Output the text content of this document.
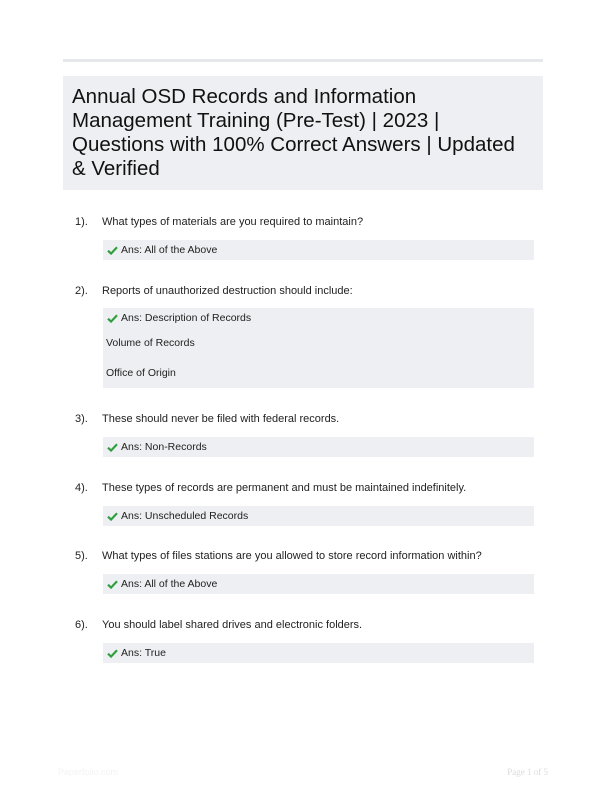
Annual OSD Records and Information Management Training (Pre-Test) | 2023 | Questions with 100% Correct Answers | Updated & Verified
1). What types of materials are you required to maintain?
Ans: All of the Above
2). Reports of unauthorized destruction should include:
Ans: Description of Records
Volume of Records
Office of Origin
3). These should never be filed with federal records.
Ans: Non-Records
4). These types of records are permanent and must be maintained indefinitely.
Ans: Unscheduled Records
5). What types of files stations are you allowed to store record information within?
Ans: All of the Above
6). You should label shared drives and electronic folders.
Ans: True
Paperfolio.com	Page 1 of 5
